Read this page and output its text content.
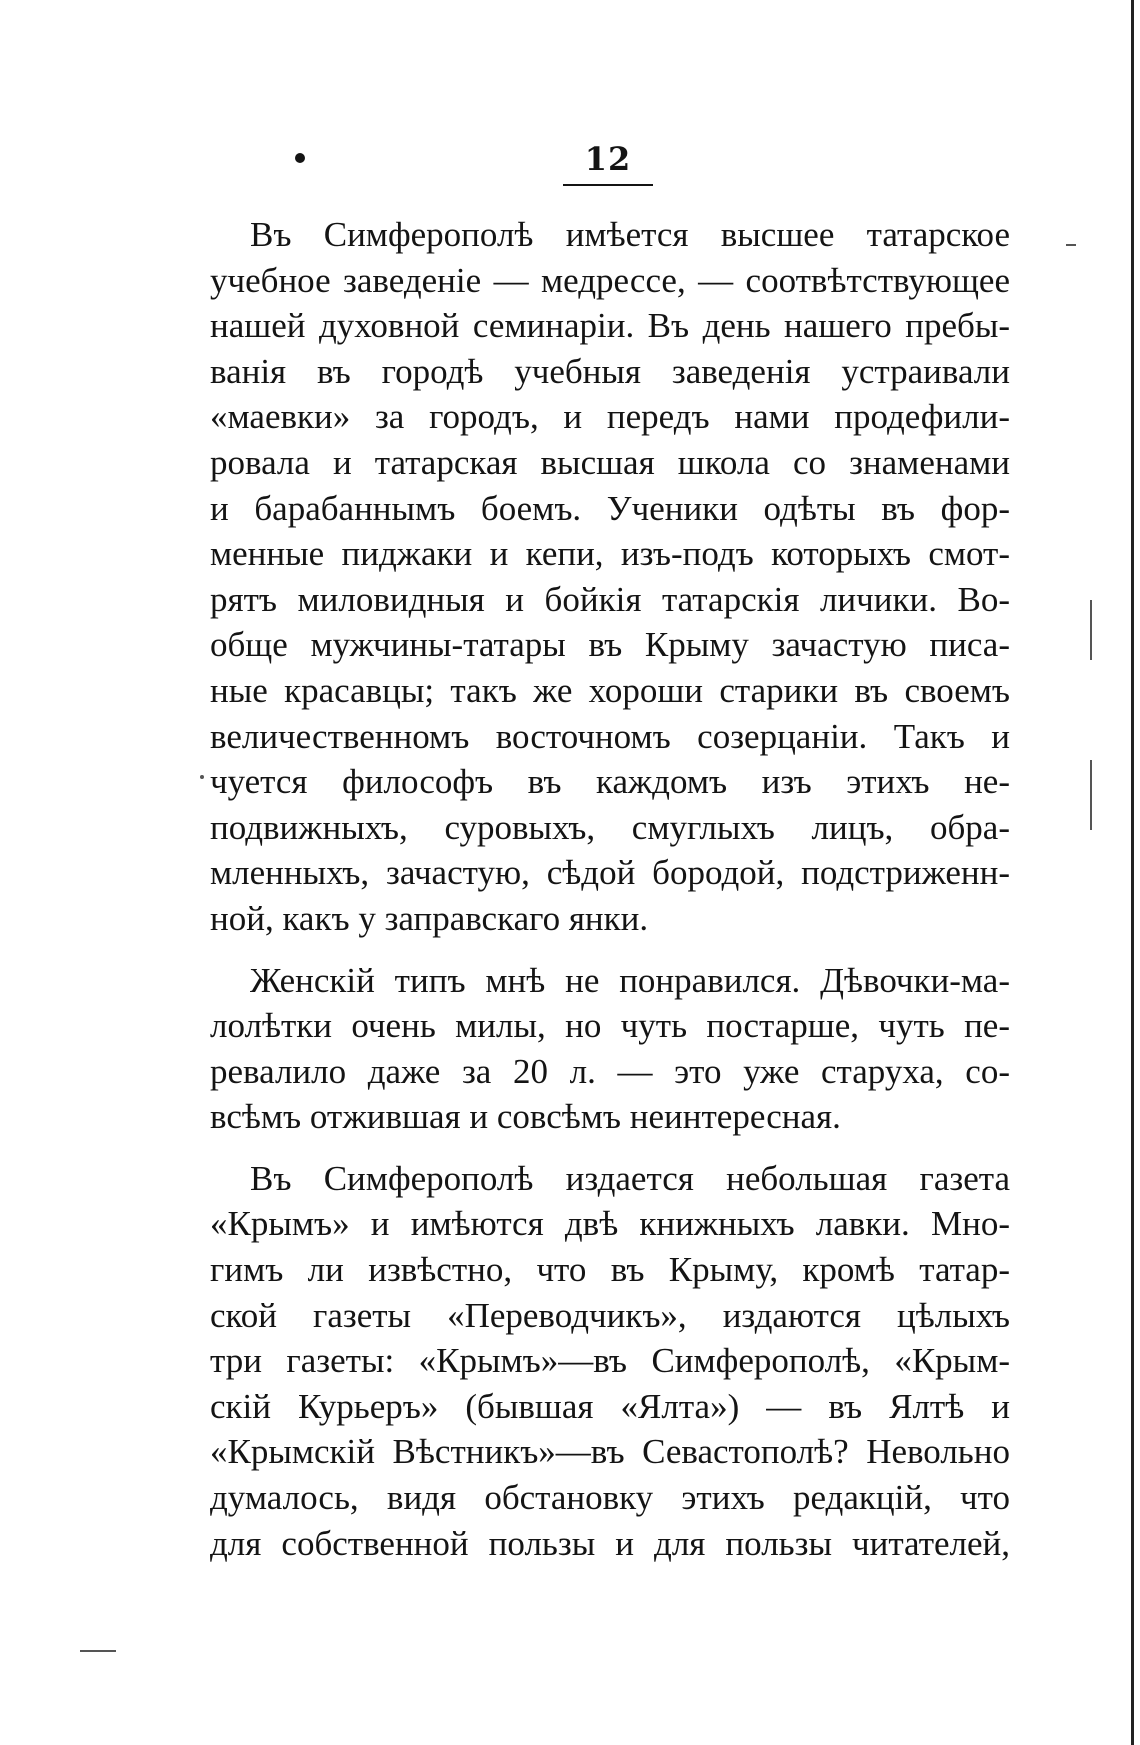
12
Въ Симферополѣ имѣется высшее татарское
учебное заведеніе — медрессе, — соотвѣтствующее
нашей духовной семинаріи. Въ день нашего пребы-
ванія въ городѣ учебныя заведенія устраивали
«маевки» за городъ, и передъ нами продефили-
ровала и татарская высшая школа со знаменами
и барабаннымъ боемъ. Ученики одѣты въ фор-
менные пиджаки и кепи, изъ-подъ которыхъ смот-
рятъ миловидныя и бойкія татарскія личики. Во-
обще мужчины-татары въ Крыму зачастую писа-
ные красавцы; такъ же хороши старики въ своемъ
величественномъ восточномъ созерцаніи. Такъ и
чуется философъ въ каждомъ изъ этихъ не-
подвижныхъ, суровыхъ, смуглыхъ лицъ, обра-
мленныхъ, зачастую, сѣдой бородой, подстриженн-
ной, какъ у заправскаго янки.
Женскій типъ мнѣ не понравился. Дѣвочки-ма-
лолѣтки очень милы, но чуть постарше, чуть пе-
ревалило даже за 20 л. — это уже старуха, со-
всѣмъ отжившая и совсѣмъ неинтересная.
Въ Симферополѣ издается небольшая газета
«Крымъ» и имѣются двѣ книжныхъ лавки. Мно-
гимъ ли извѣстно, что въ Крыму, кромѣ татар-
ской газеты «Переводчикъ», издаются цѣлыхъ
три газеты: «Крымъ»—въ Симферополѣ, «Крым-
скій Курьеръ» (бывшая «Ялта») — въ Ялтѣ и
«Крымскій Вѣстникъ»—въ Севастополѣ? Невольно
думалось, видя обстановку этихъ редакцій, что
для собственной пользы и для пользы читателей,
